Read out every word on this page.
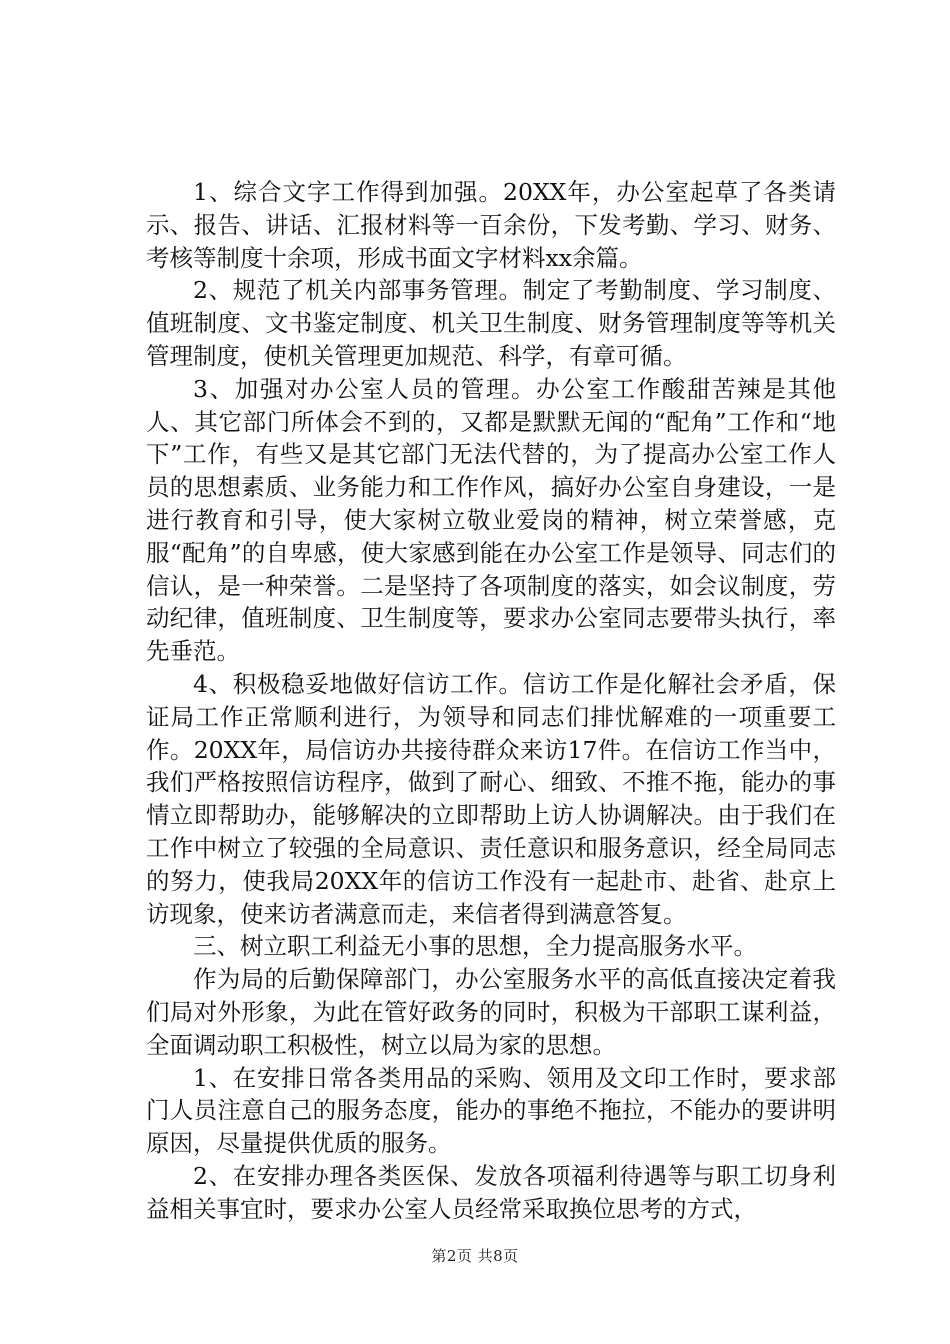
1、综合文字工作得到加强。20XX年，办公室起草了各类请示、报告、讲话、汇报材料等一百余份，下发考勤、学习、财务、考核等制度十余项，形成书面文字材料xx余篇。

2、规范了机关内部事务管理。制定了考勤制度、学习制度、值班制度、文书鉴定制度、机关卫生制度、财务管理制度等等机关管理制度，使机关管理更加规范、科学，有章可循。

3、加强对办公室人员的管理。办公室工作酸甜苦辣是其他人、其它部门所体会不到的，又都是默默无闻的“配角”工作和“地下”工作，有些又是其它部门无法代替的，为了提高办公室工作人员的思想素质、业务能力和工作作风，搞好办公室自身建设，一是进行教育和引导，使大家树立敬业爱岗的精神，树立荣誉感，克服“配角”的自卑感，使大家感到能在办公室工作是领导、同志们的信认，是一种荣誉。二是坚持了各项制度的落实，如会议制度，劳动纪律，值班制度、卫生制度等，要求办公室同志要带头执行，率先垂范。

4、积极稳妥地做好信访工作。信访工作是化解社会矛盾，保证局工作正常顺利进行，为领导和同志们排忧解难的一项重要工作。20XX年，局信访办共接待群众来访17件。在信访工作当中，我们严格按照信访程序，做到了耐心、细致、不推不拖，能办的事情立即帮助办，能够解决的立即帮助上访人协调解决。由于我们在工作中树立了较强的全局意识、责任意识和服务意识，经全局同志的努力，使我局20XX年的信访工作没有一起赴市、赴省、赴京上访现象，使来访者满意而走，来信者得到满意答复。

三、树立职工利益无小事的思想，全力提高服务水平。

作为局的后勤保障部门，办公室服务水平的高低直接决定着我们局对外形象，为此在管好政务的同时，积极为干部职工谋利益，全面调动职工积极性，树立以局为家的思想。

1、在安排日常各类用品的采购、领用及文印工作时，要求部门人员注意自己的服务态度，能办的事绝不拖拉，不能办的要讲明原因，尽量提供优质的服务。

2、在安排办理各类医保、发放各项福利待遇等与职工切身利益相关事宜时，要求办公室人员经常采取换位思考的方式，

第2页 共8页
